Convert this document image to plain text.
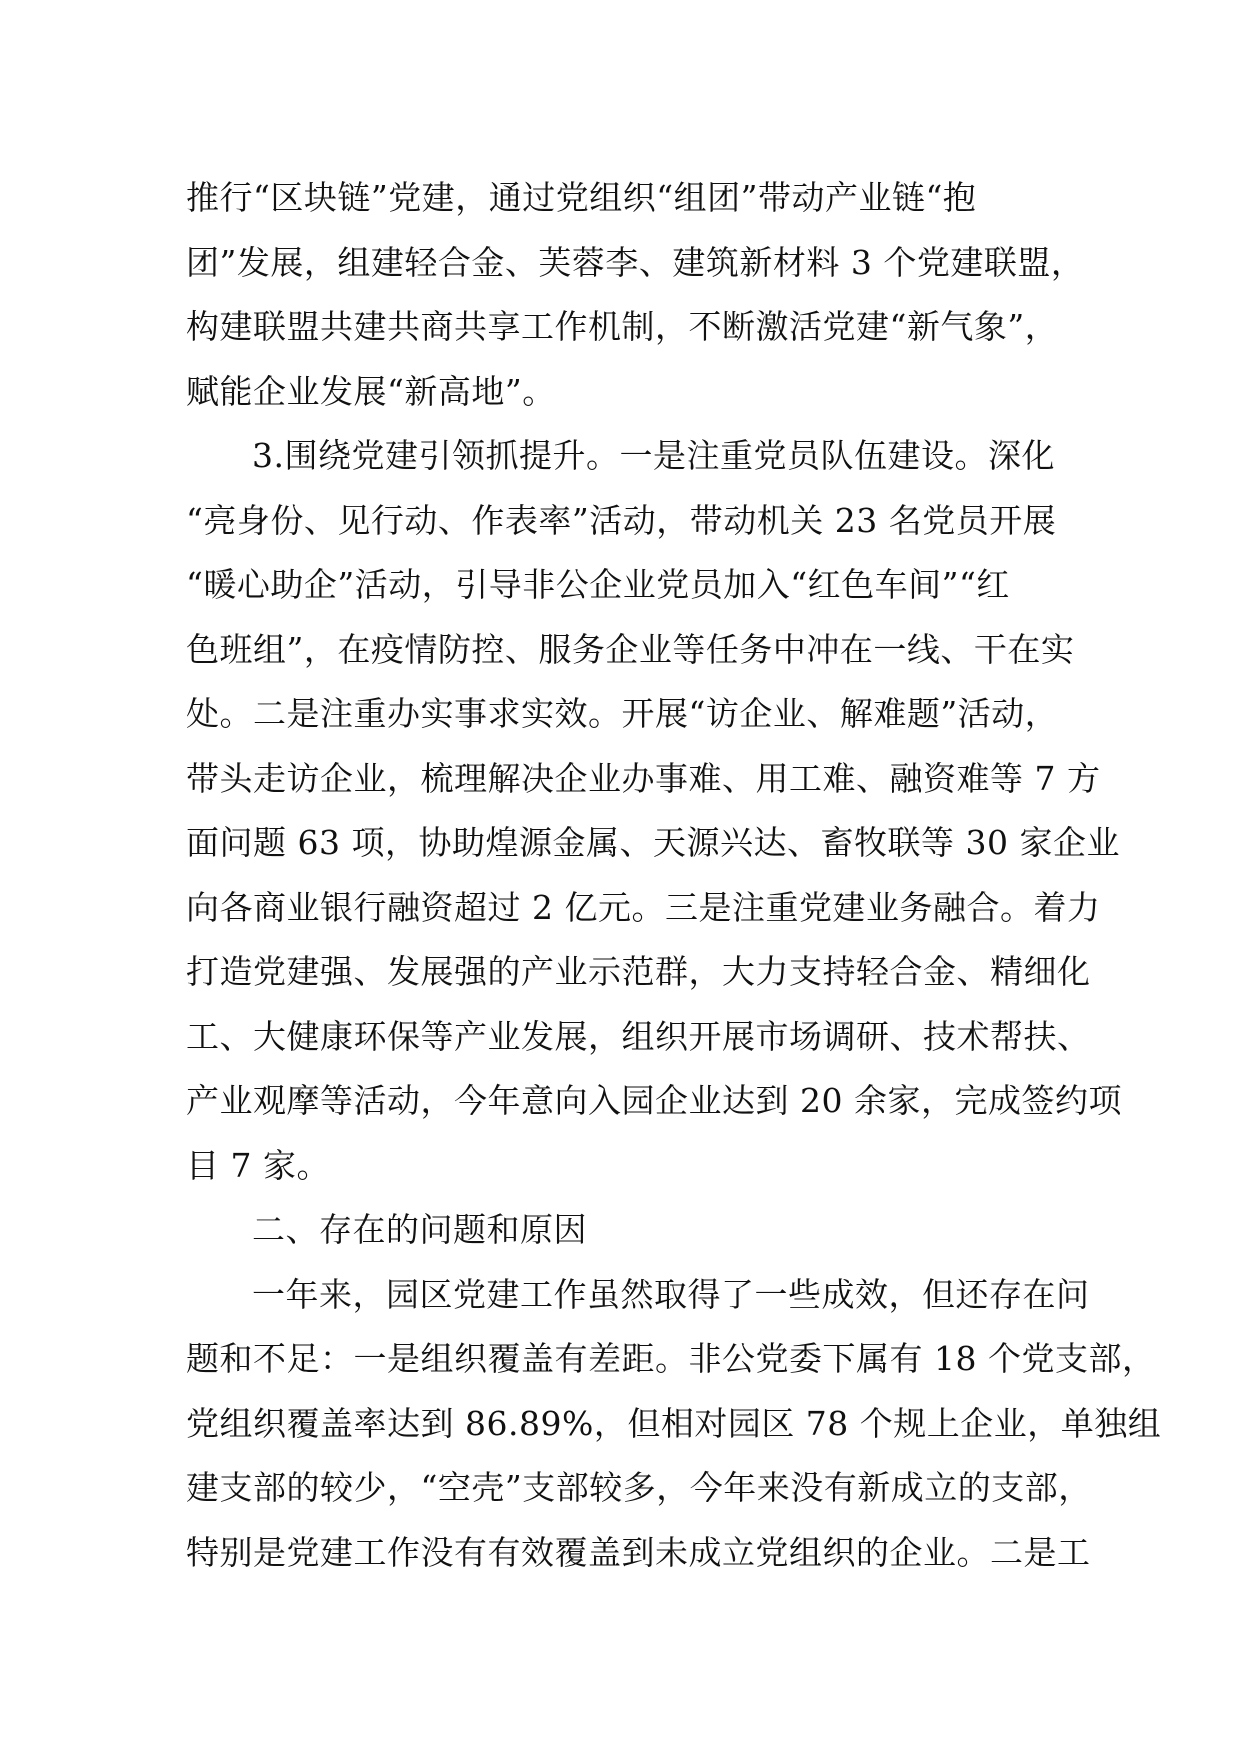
推行“区块链”党建，通过党组织“组团”带动产业链“抱
团”发展，组建轻合金、芙蓉李、建筑新材料 3 个党建联盟，
构建联盟共建共商共享工作机制，不断激活党建“新气象”，
赋能企业发展“新高地”。
3.围绕党建引领抓提升。一是注重党员队伍建设。深化
“亮身份、见行动、作表率”活动，带动机关 23 名党员开展
“暖心助企”活动，引导非公企业党员加入“红色车间”“红
色班组”，在疫情防控、服务企业等任务中冲在一线、干在实
处。二是注重办实事求实效。开展“访企业、解难题”活动，
带头走访企业，梳理解决企业办事难、用工难、融资难等 7 方
面问题 63 项，协助煌源金属、天源兴达、畜牧联等 30 家企业
向各商业银行融资超过 2 亿元。三是注重党建业务融合。着力
打造党建强、发展强的产业示范群，大力支持轻合金、精细化
工、大健康环保等产业发展，组织开展市场调研、技术帮扶、
产业观摩等活动，今年意向入园企业达到 20 余家，完成签约项
目 7 家。
二、存在的问题和原因
一年来，园区党建工作虽然取得了一些成效，但还存在问
题和不足：一是组织覆盖有差距。非公党委下属有 18 个党支部，
党组织覆盖率达到 86.89%，但相对园区 78 个规上企业，单独组
建支部的较少，“空壳”支部较多，今年来没有新成立的支部，
特别是党建工作没有有效覆盖到未成立党组织的企业。二是工
